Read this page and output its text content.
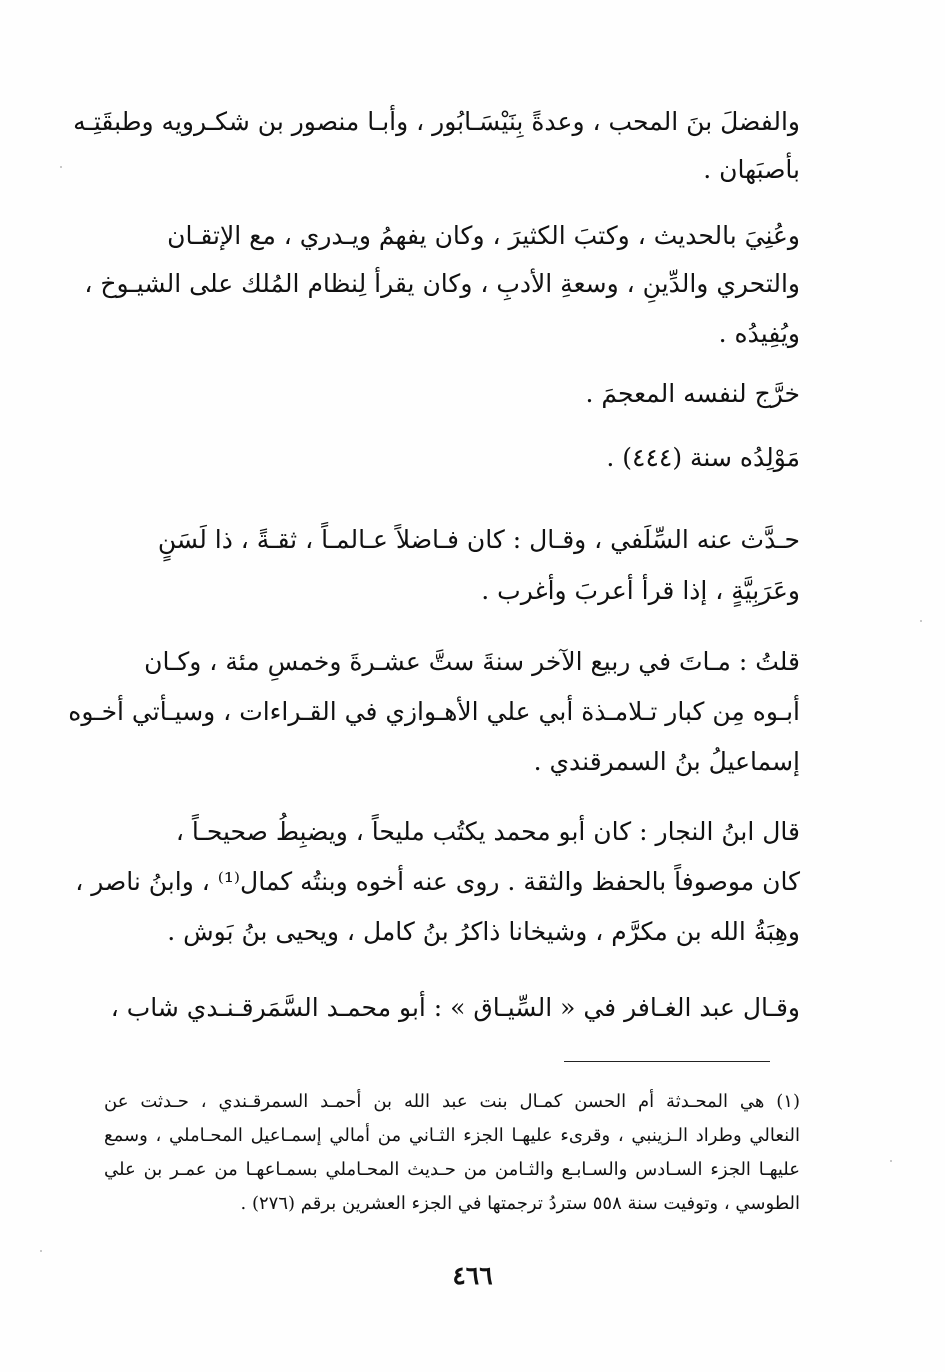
والفضلَ بنَ المحب ، وعدةً بِنَيْسَـابُور ، وأبـا منصور بن شكـرويه وطبقَتِـه
بأصبَهان .
وعُنِيَ بالحديث ، وكتبَ الكثيرَ ، وكان يفهمُ ويـدري ، مع الإتقـان
والتحري والدِّينِ ، وسعةِ الأدبِ ، وكان يقرأ لِنظام المُلك على الشيـوخ ،
ويُفِيدُه .
خرَّج لنفسه المعجمَ .
مَوْلِدُه سنة (٤٤٤) .
حـدَّث عنه السِّلَفي ، وقـال : كان فـاضلاً عـالمـاً ، ثقـةً ، ذا لَسَنٍ
وعَرَبِيَّةٍ ، إذا قرأ أعربَ وأغرب .
قلتُ : مـاتَ في ربيع الآخر سنةَ ستَّ عشـرةَ وخمسِ مئة ، وكـان
أبـوه مِن كبار تـلامـذة أبي علي الأهـوازي في القـراءات ، وسيـأتي أخـوه
إسماعيلُ بنُ السمرقندي .
قال ابنُ النجار : كان أبو محمد يكتُب مليحاً ، ويضبِطُ صحيحـاً ،
كان موصوفاً بالحفظ والثقة . روى عنه أخوه وبنتُه كمال⁽¹⁾ ، وابنُ ناصر ،
وهِبَةُ الله بن مكرَّم ، وشيخانا ذاكرُ بنُ كامل ، ويحيى بنُ بَوش .
وقـال عبد الغـافر في « السِّيـاق » : أبو محمـد السَّمَرقـنـدي شاب ،
(١) هي المحـدثة أم الحسن كمـال بنت عبد الله بن أحمـد السمرقـندي ، حـدثت عن
النعالي وطراد الـزينبي ، وقرىء عليهـا الجزء الثـاني من أمالي إسمـاعيل المحـاملي ، وسمع
عليهـا الجزء السـادس والسـابـع والثـامن من حـديث المحـاملي بسمـاعهـا من عمـر بن علي
الطوسي ، وتوفيت سنة ٥٥٨ ستردُ ترجمتها في الجزء العشرين برقم (٢٧٦) .
٤٦٦
